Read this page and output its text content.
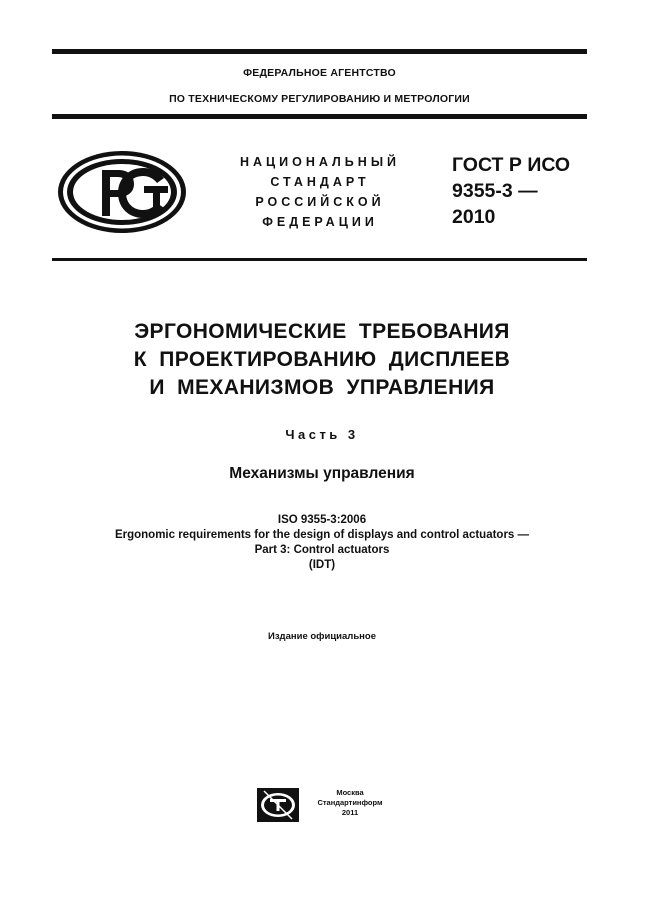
ФЕДЕРАЛЬНОЕ АГЕНТСТВО
ПО ТЕХНИЧЕСКОМУ РЕГУЛИРОВАНИЮ И МЕТРОЛОГИИ
НАЦИОНАЛЬНЫЙ
СТАНДАРТ
РОССИЙСКОЙ
ФЕДЕРАЦИИ
ГОСТ Р ИСО
9355-3 —
2010
ЭРГОНОМИЧЕСКИЕ ТРЕБОВАНИЯ
К ПРОЕКТИРОВАНИЮ ДИСПЛЕЕВ
И МЕХАНИЗМОВ УПРАВЛЕНИЯ
Часть 3
Механизмы управления
ISO 9355-3:2006
Ergonomic requirements for the design of displays and control actuators —
Part 3: Control actuators
(IDT)
Издание официальное
Москва
Стандартинформ
2011
